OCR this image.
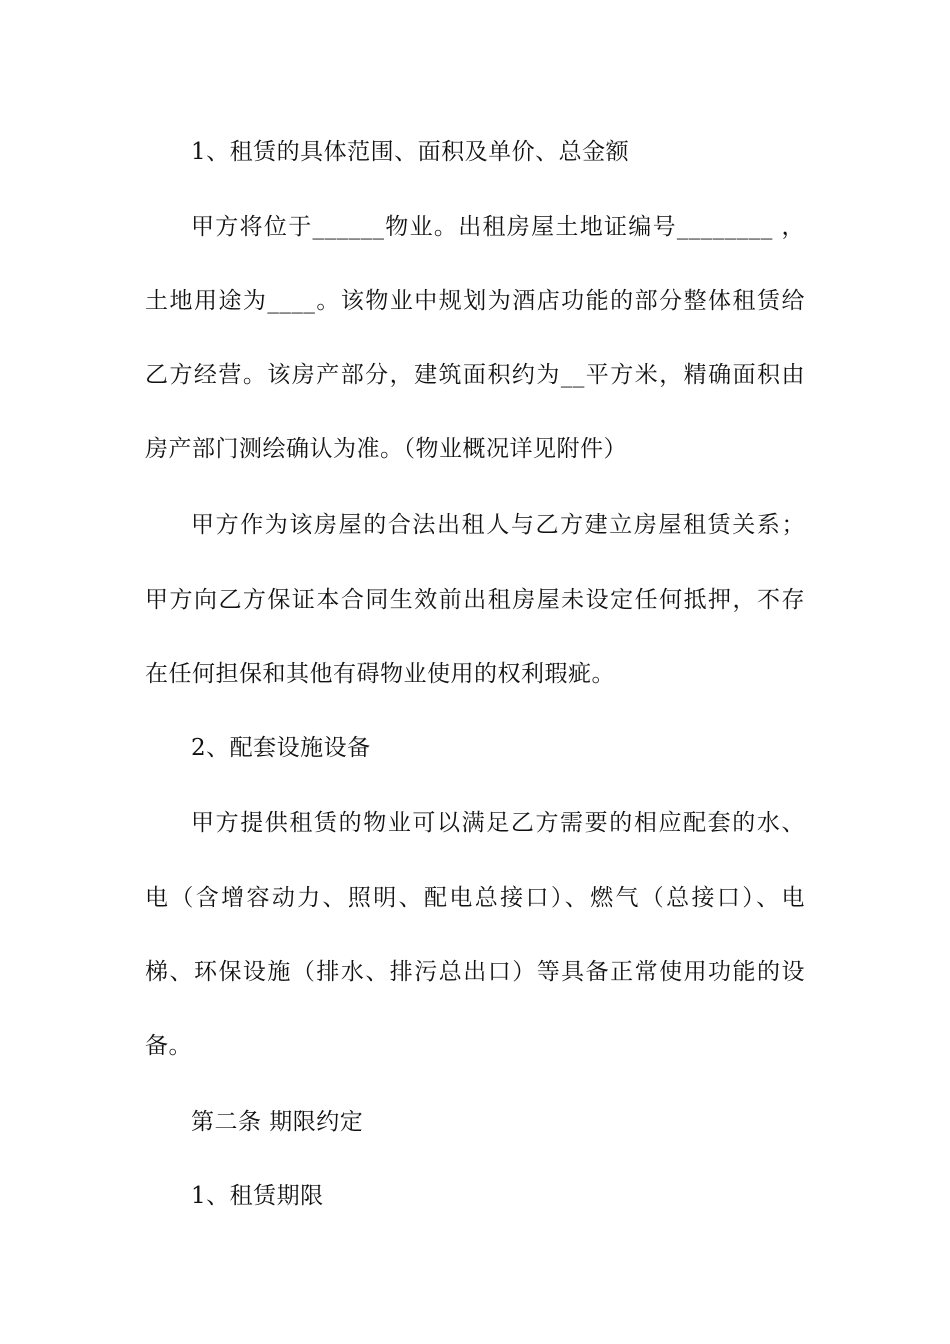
1、租赁的具体范围、面积及单价、总金额
甲方将位于______物业。出租房屋土地证编号________ ，
土地用途为____。该物业中规划为酒店功能的部分整体租赁给
乙方经营。该房产部分，建筑面积约为__平方米，精确面积由
房产部门测绘确认为准。（物业概况详见附件）
甲方作为该房屋的合法出租人与乙方建立房屋租赁关系；
甲方向乙方保证本合同生效前出租房屋未设定任何抵押，不存
在任何担保和其他有碍物业使用的权利瑕疵。
2、配套设施设备
甲方提供租赁的物业可以满足乙方需要的相应配套的水、
电（含增容动力、照明、配电总接口）、燃气（总接口）、电
梯、环保设施（排水、排污总出口）等具备正常使用功能的设
备。
第二条 期限约定
1、租赁期限
